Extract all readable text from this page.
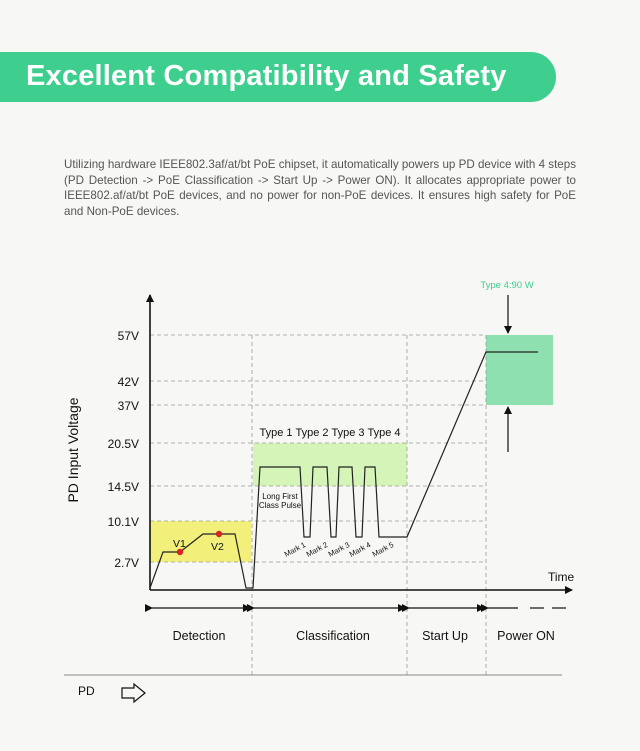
Excellent Compatibility and Safety

Utilizing hardware IEEE802.3af/at/bt PoE chipset, it automatically powers up PD device with 4 steps (PD Detection -> PoE Classification -> Start Up -> Power ON). It allocates appropriate power to IEEE802.af/at/bt PoE devices, and no power for non-PoE devices. It ensures high safety for PoE and Non-PoE devices.

PD Input Voltage
57V
42V
37V
20.5V
14.5V
10.1V
2.7V
Time
Type 4:90 W
Type 1 Type 2 Type 3 Type 4
Long First
Class Pulse
V1 V2	Mark 1
Mark 2
Mark 3
Mark 4
Mark 5
Detection	Classification	Start Up Power ON
PD
